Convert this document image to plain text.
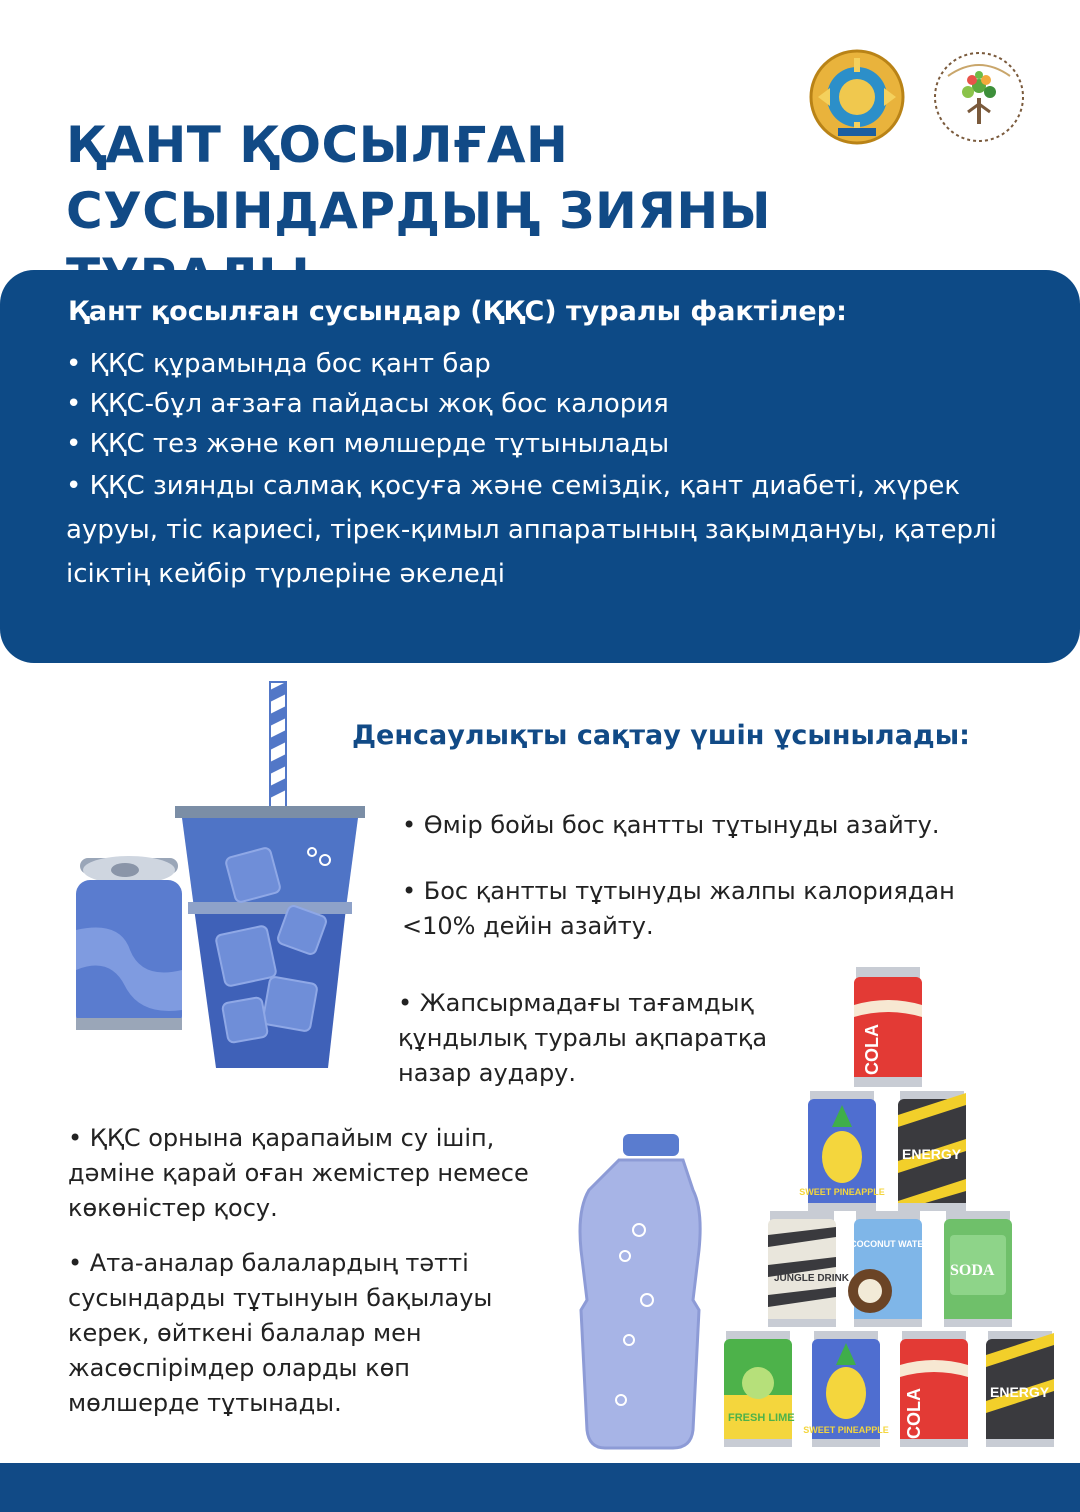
ҚАНТ ҚОСЫЛҒАН
СУСЫНДАРДЫҢ ЗИЯНЫ
Қант қосылған сусындар (ҚҚС) туралы фактілер:
• ҚҚС құрамында бос қант бар
• ҚҚС-бұл ағзаға пайдасы жоқ бос калория
• ҚҚС тез және көп мөлшерде тұтынылады
• ҚҚС зиянды салмақ қосуға және семіздік, қант диабеті, жүрек ауруы, тіс кариесі, тірек-қимыл аппаратының зақымдануы, қатерлі ісіктің кейбір түрлеріне әкеледі
Денсаулықты сақтау үшін ұсынылады:

• Өмір бойы бос қантты тұтынуды азайту.

• Бос қантты тұтынуды жалпы калориядан <10% дейін азайту.

• Жапсырмадағы тағамдық құндылық туралы ақпаратқа назар аудару.

• ҚҚС орнына қарапайым су ішіп, дәміне қарай оған жемістер немесе көкөністер қосу.

• Ата-аналар балалардың тәтті сусындарды тұтынуын бақылауы керек, өйткені балалар мен жасөспірімдер оларды көп мөлшерде тұтынады.

COLA
SWEET PINEAPPLE
ENERGY
JUNGLE DRINK
COCONUT WATER
SODA
FRESH LIME
SWEET PINEAPPLE COLA	ENERGY
